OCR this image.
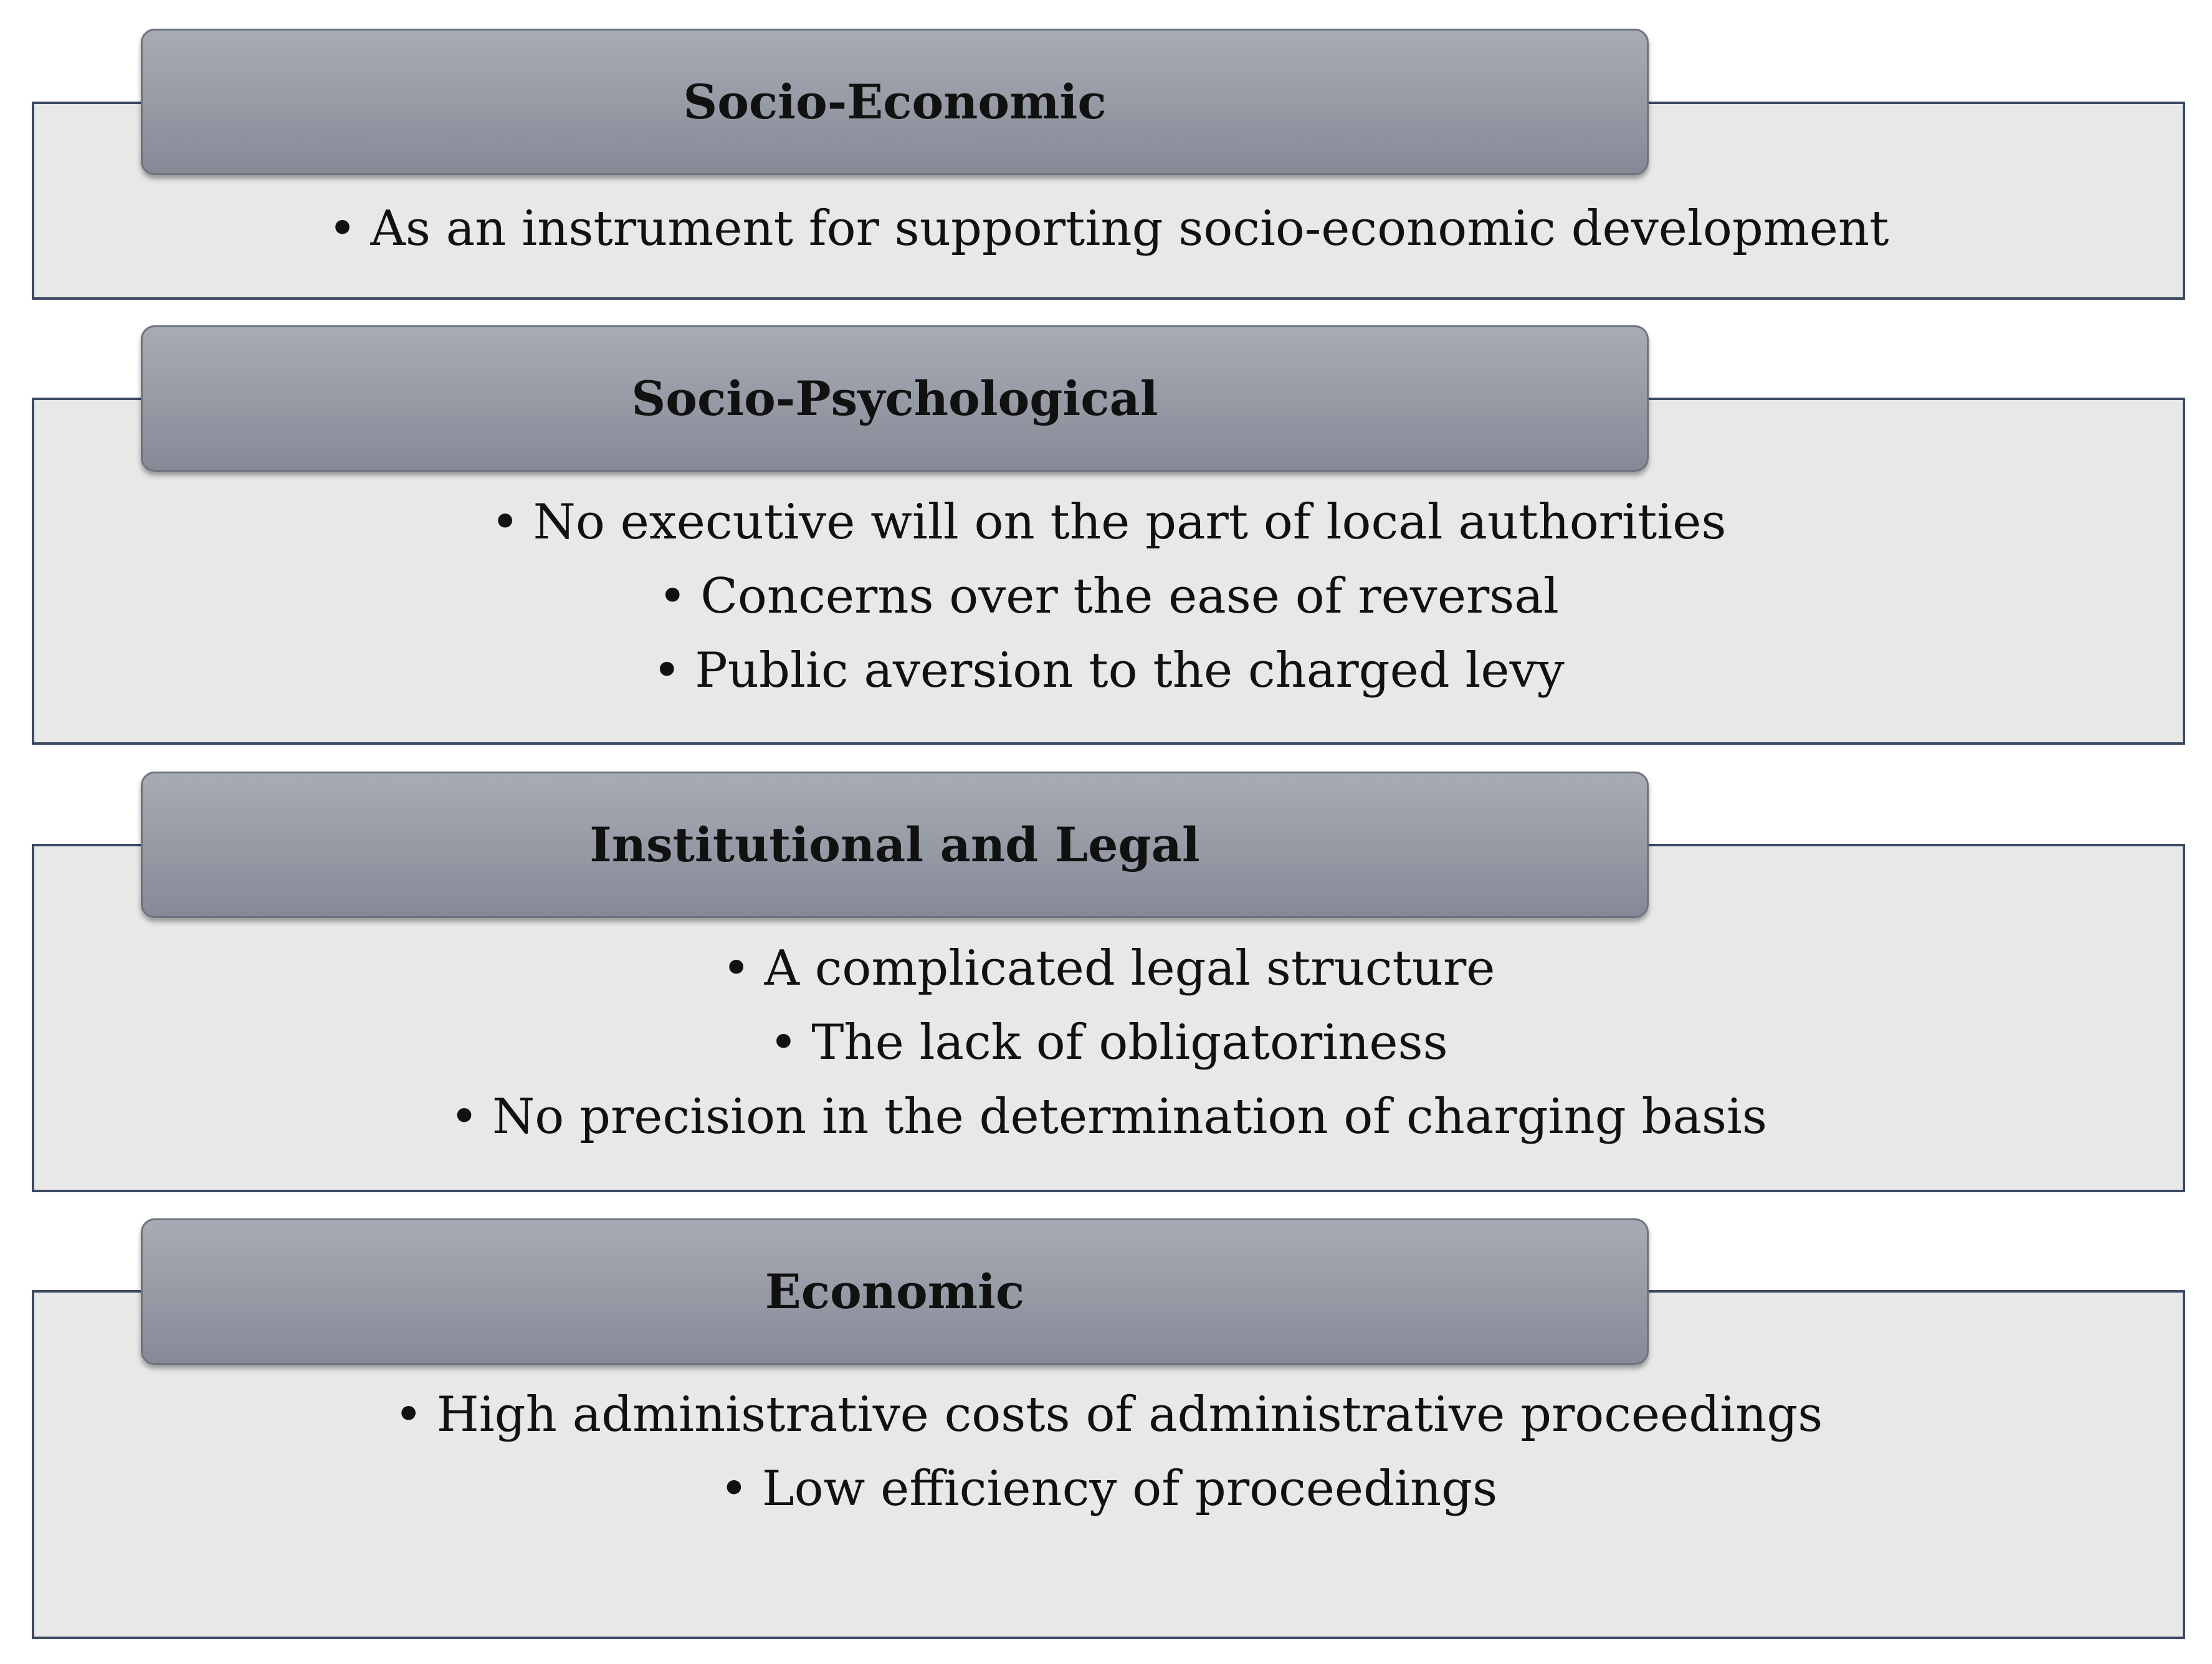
• As an instrument for supporting socio-economic development
Socio-Economic
• No executive will on the part of local authorities
• Concerns over the ease of reversal
• Public aversion to the charged levy
Socio-Psychological
• A complicated legal structure
• The lack of obligatoriness
• No precision in the determination of charging basis
Institutional and Legal
• High administrative costs of administrative proceedings
• Low efficiency of proceedings
Economic
